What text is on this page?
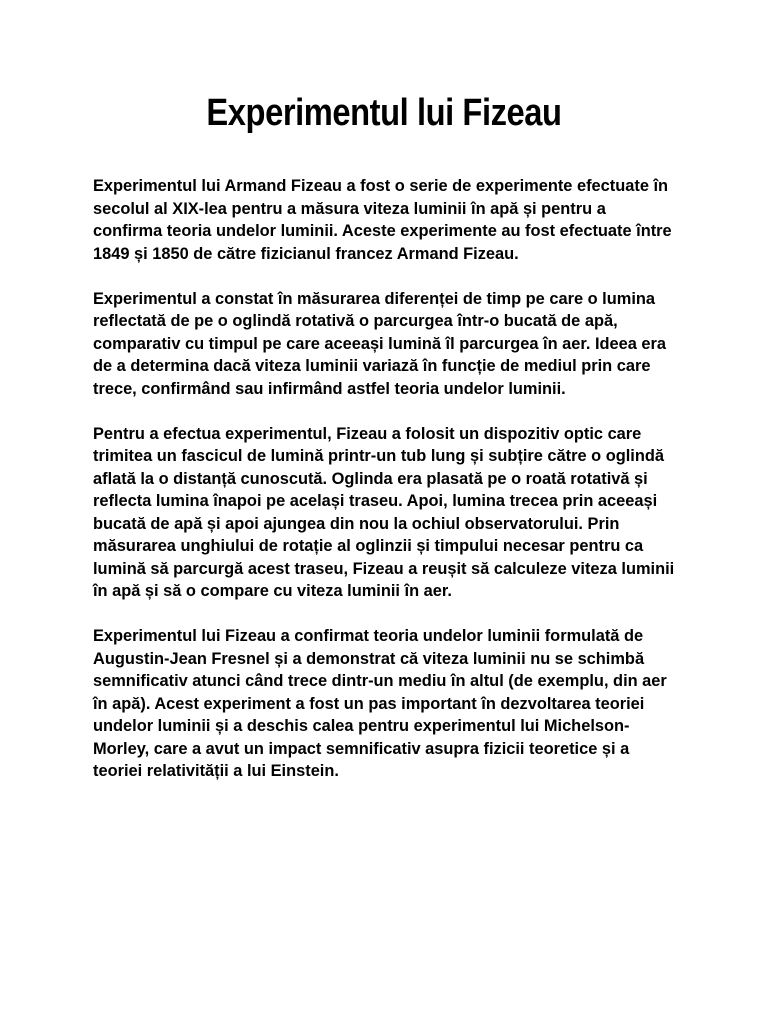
Experimentul lui Fizeau

Experimentul lui Armand Fizeau a fost o serie de experimente efectuate în secolul al XIX-lea pentru a măsura viteza luminii în apă și pentru a confirma teoria undelor luminii. Aceste experimente au fost efectuate între 1849 și 1850 de către fizicianul francez Armand Fizeau.

Experimentul a constat în măsurarea diferenței de timp pe care o lumina reflectată de pe o oglindă rotativă o parcurgea într-o bucată de apă, comparativ cu timpul pe care aceeași lumină îl parcurgea în aer. Ideea era de a determina dacă viteza luminii variază în funcție de mediul prin care trece, confirmând sau infirmând astfel teoria undelor luminii.

Pentru a efectua experimentul, Fizeau a folosit un dispozitiv optic care trimitea un fascicul de lumină printr-un tub lung și subțire către o oglindă aflată la o distanță cunoscută. Oglinda era plasată pe o roată rotativă și reflecta lumina înapoi pe același traseu. Apoi, lumina trecea prin aceeași bucată de apă și apoi ajungea din nou la ochiul observatorului. Prin măsurarea unghiului de rotație al oglinzii și timpului necesar pentru ca lumină să parcurgă acest traseu, Fizeau a reușit să calculeze viteza luminii în apă și să o compare cu viteza luminii în aer.

Experimentul lui Fizeau a confirmat teoria undelor luminii formulată de Augustin-Jean Fresnel și a demonstrat că viteza luminii nu se schimbă semnificativ atunci când trece dintr-un mediu în altul (de exemplu, din aer în apă). Acest experiment a fost un pas important în dezvoltarea teoriei undelor luminii și a deschis calea pentru experimentul lui Michelson-Morley, care a avut un impact semnificativ asupra fizicii teoretice și a teoriei relativității a lui Einstein.
